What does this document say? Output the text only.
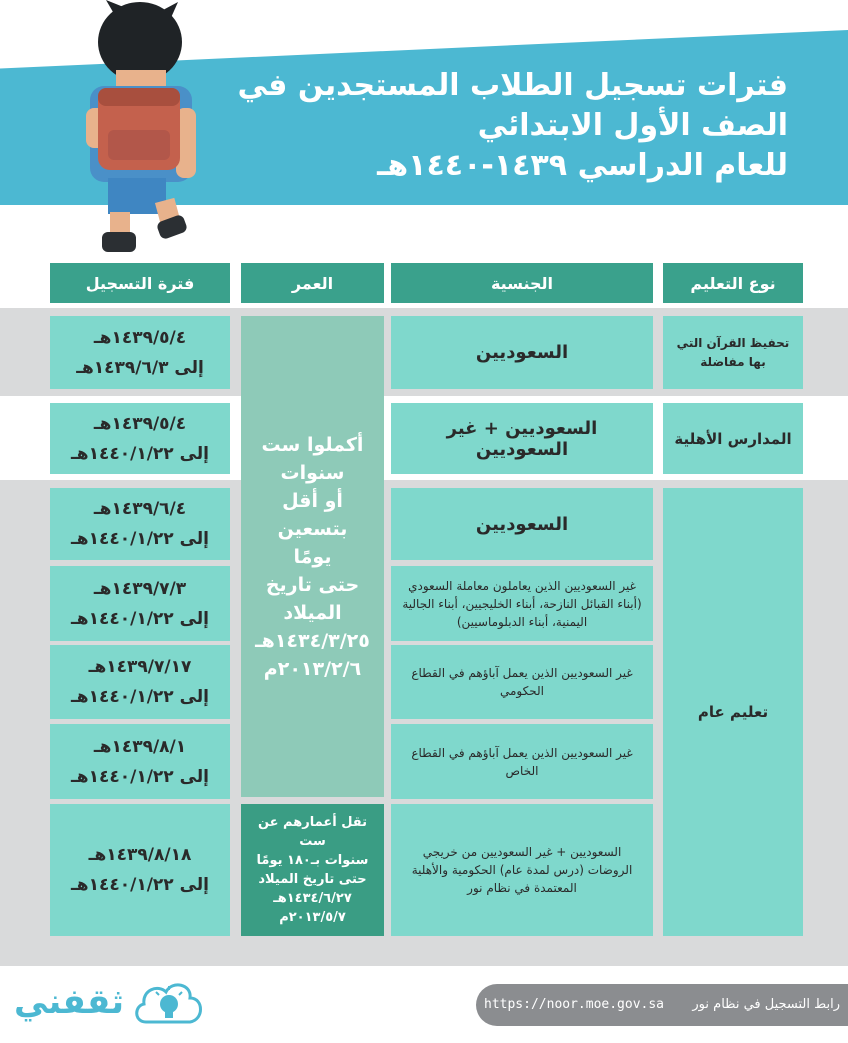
فترات تسجيل الطلاب المستجدين في
الصف الأول الابتدائي
للعام الدراسي ١٤٣٩-١٤٤٠هـ
نوع التعليم
الجنسية
العمر
فترة التسجيل
تحفيظ القرآن التي بها مفاضلة
المدارس الأهلية
تعليم عام
السعوديين
السعوديين + غير السعوديين
السعوديين
غير السعوديين الذين يعاملون معاملة السعودي (أبناء القبائل النازحة، أبناء الخليجيين، أبناء الجالية اليمنية، أبناء الدبلوماسيين)
غير السعوديين الذين يعمل آباؤهم في القطاع الحكومي
غير السعوديين الذين يعمل آباؤهم في القطاع الخاص
السعوديين + غير السعوديين من خريجي الروضات (درس لمدة عام) الحكومية والأهلية المعتمدة في نظام نور
أكملوا ست
سنوات
أو أقل بتسعين
يومًا
حتى تاريخ الميلاد
١٤٣٤/٣/٢٥هـ
٢٠١٣/٢/٦م
تقل أعمارهم عن ست
سنوات بـ١٨٠ يومًا
حتى تاريخ الميلاد
١٤٣٤/٦/٢٧هـ
٢٠١٣/٥/٧م
١٤٣٩/٥/٤هـ
إلى ١٤٣٩/٦/٣هـ
١٤٣٩/٥/٤هـ
إلى ١٤٤٠/١/٢٢هـ
١٤٣٩/٦/٤هـ
إلى ١٤٤٠/١/٢٢هـ
١٤٣٩/٧/٣هـ
إلى ١٤٤٠/١/٢٢هـ
١٤٣٩/٧/١٧هـ
إلى ١٤٤٠/١/٢٢هـ
١٤٣٩/٨/١هـ
إلى ١٤٤٠/١/٢٢هـ
١٤٣٩/٨/١٨هـ
إلى ١٤٤٠/١/٢٢هـ
https://noor.moe.gov.sa رابط التسجيل في نظام نور
ثقفني
